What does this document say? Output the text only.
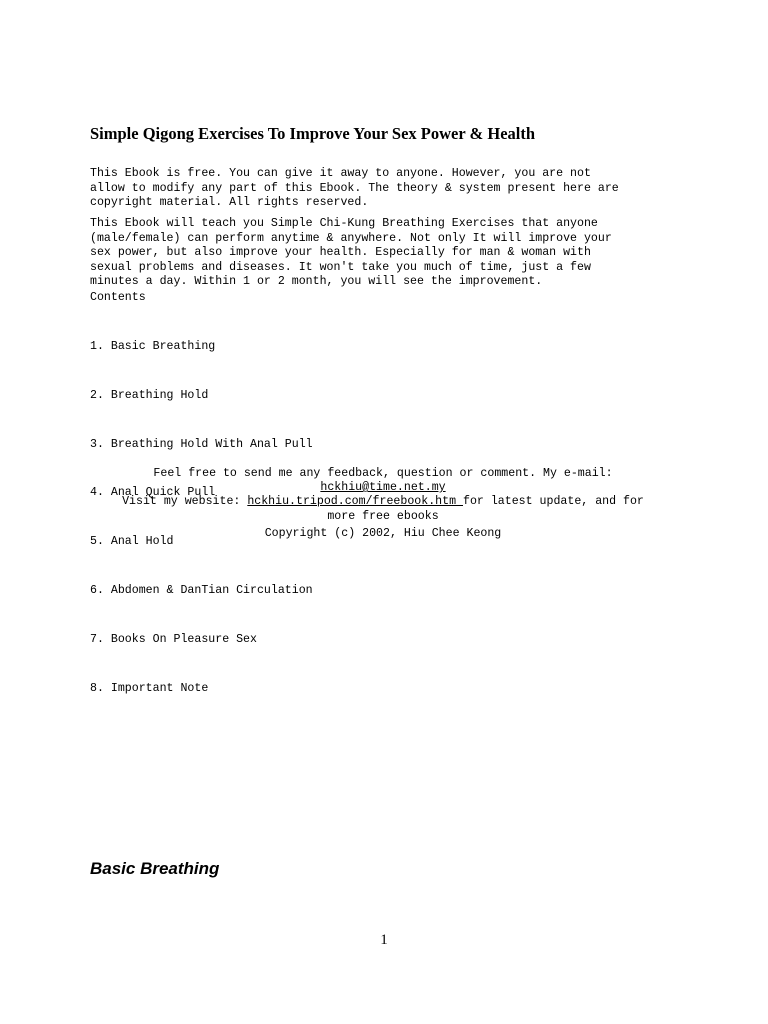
Simple Qigong Exercises To Improve Your Sex Power & Health
This Ebook is free. You can give it away to anyone. However, you are not
allow to modify any part of this Ebook. The theory & system present here are
copyright material. All rights reserved.
This Ebook will teach you Simple Chi-Kung Breathing Exercises that anyone
(male/female) can perform anytime & anywhere. Not only It will improve your
sex power, but also improve your health. Especially for man & woman with
sexual problems and diseases. It won't take you much of time, just a few
minutes a day. Within 1 or 2 month, you will see the improvement.
Contents

1. Basic Breathing

2. Breathing Hold

3. Breathing Hold With Anal Pull

4. Anal Quick Pull

5. Anal Hold

6. Abdomen & DanTian Circulation

7. Books On Pleasure Sex

8. Important Note

Feel free to send me any feedback, question or comment. My e-mail:
hckhiu@time.net.my
Visit my website: hckhiu.tripod.com/freebook.htm for latest update, and for
more free ebooks
Copyright (c) 2002, Hiu Chee Keong
Basic Breathing
1
